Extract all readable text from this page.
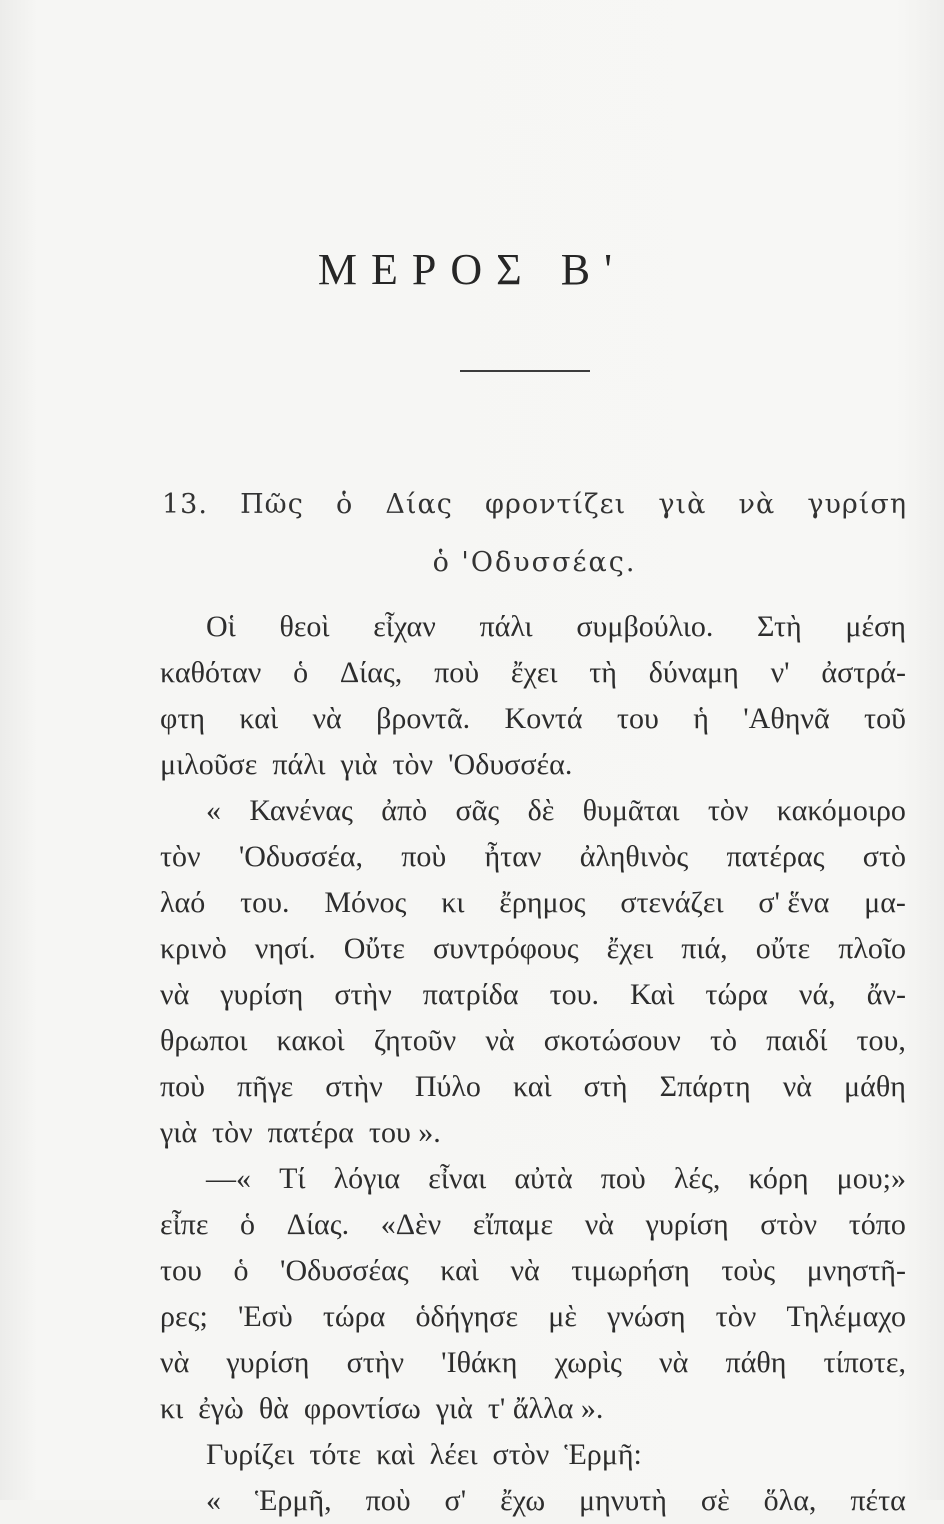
ΜΕΡΟΣ Β'
13. Πῶς ὁ Δίας φροντίζει γιὰ νὰ γυρίση
ὁ 'Οδυσσέας.
Οἱ θεοὶ εἶχαν πάλι συμβούλιο. Στὴ μέση
καθόταν ὁ Δίας, ποὺ ἔχει τὴ δύναμη ν' ἀστρά-
φτη καὶ νὰ βροντᾶ. Κοντά του ἡ 'Αθηνᾶ τοῦ
μιλοῦσε πάλι γιὰ τὸν 'Οδυσσέα.
« Κανένας ἀπὸ σᾶς δὲ θυμᾶται τὸν κακόμοιρο
τὸν 'Οδυσσέα, ποὺ ἦταν ἀληθινὸς πατέρας στὸ
λαό του. Μόνος κι ἔρημος στενάζει σ' ἕνα μα-
κρινὸ νησί. Οὔτε συντρόφους ἔχει πιά, οὔτε πλοῖο
νὰ γυρίση στὴν πατρίδα του. Καὶ τώρα νά, ἄν-
θρωποι κακοὶ ζητοῦν νὰ σκοτώσουν τὸ παιδί του,
ποὺ πῆγε στὴν Πύλο καὶ στὴ Σπάρτη νὰ μάθη
γιὰ τὸν πατέρα του ».
—« Τί λόγια εἶναι αὐτὰ ποὺ λές, κόρη μου;»
εἶπε ὁ Δίας. «Δὲν εἴπαμε νὰ γυρίση στὸν τόπο
του ὁ 'Οδυσσέας καὶ νὰ τιμωρήση τοὺς μνηστῆ-
ρες; 'Εσὺ τώρα ὁδήγησε μὲ γνώση τὸν Τηλέμαχο
νὰ γυρίση στὴν 'Ιθάκη χωρὶς νὰ πάθη τίποτε,
κι ἐγὼ θὰ φροντίσω γιὰ τ' ἄλλα ».
Γυρίζει τότε καὶ λέει στὸν Ἑρμῆ:
« Ἑρμῆ, ποὺ σ' ἔχω μηνυτὴ σὲ ὅλα, πέτα
